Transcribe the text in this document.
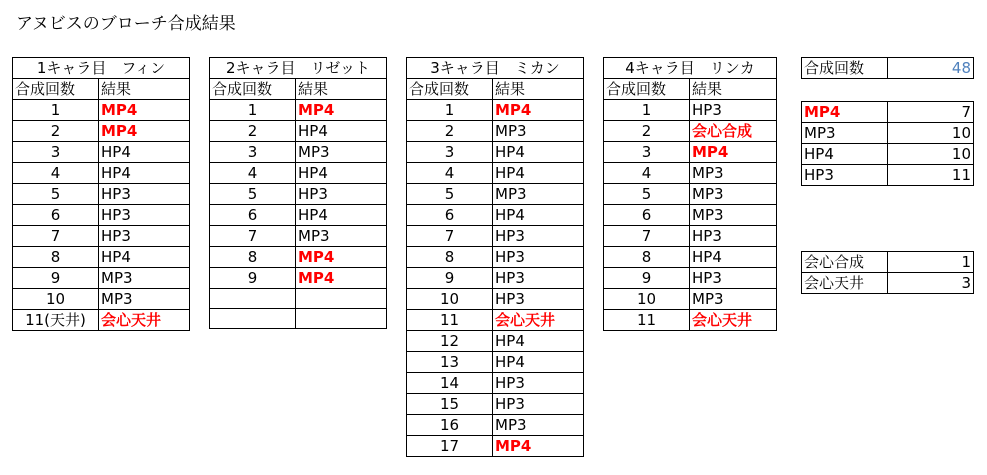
アヌビスのブローチ合成結果
1キャラ目　フィン	
合成回数	結果
1	MP4
2	MP4
3	HP4
4	HP4
5	HP3
6	HP3
7	HP3
8	HP4
9	MP3
10	MP3
11(天井)	会心天井
2キャラ目　リゼット	
合成回数	結果
1	MP4
2	HP4
3	MP3
4	HP4
5	HP3
6	HP4
7	MP3
8	MP4
9	MP4

3キャラ目　ミカン	
合成回数	結果
1	MP4
2	MP3
3	HP4
4	HP4
5	MP3
6	HP4
7	HP3
8	HP3
9	HP3
10	HP3
11	会心天井
12	HP4
13	HP4
14	HP3
15	HP3
16	MP3
17	MP4
4キャラ目　リンカ	
合成回数	結果
1	HP3
2	会心合成
3	MP4
4	MP3
5	MP3
6	MP3
7	HP3
8	HP4
9	HP3
10	MP3
11	会心天井
合成回数	48
MP4	7
MP3	10
HP4	10
HP3	11
会心合成	1
会心天井	3
